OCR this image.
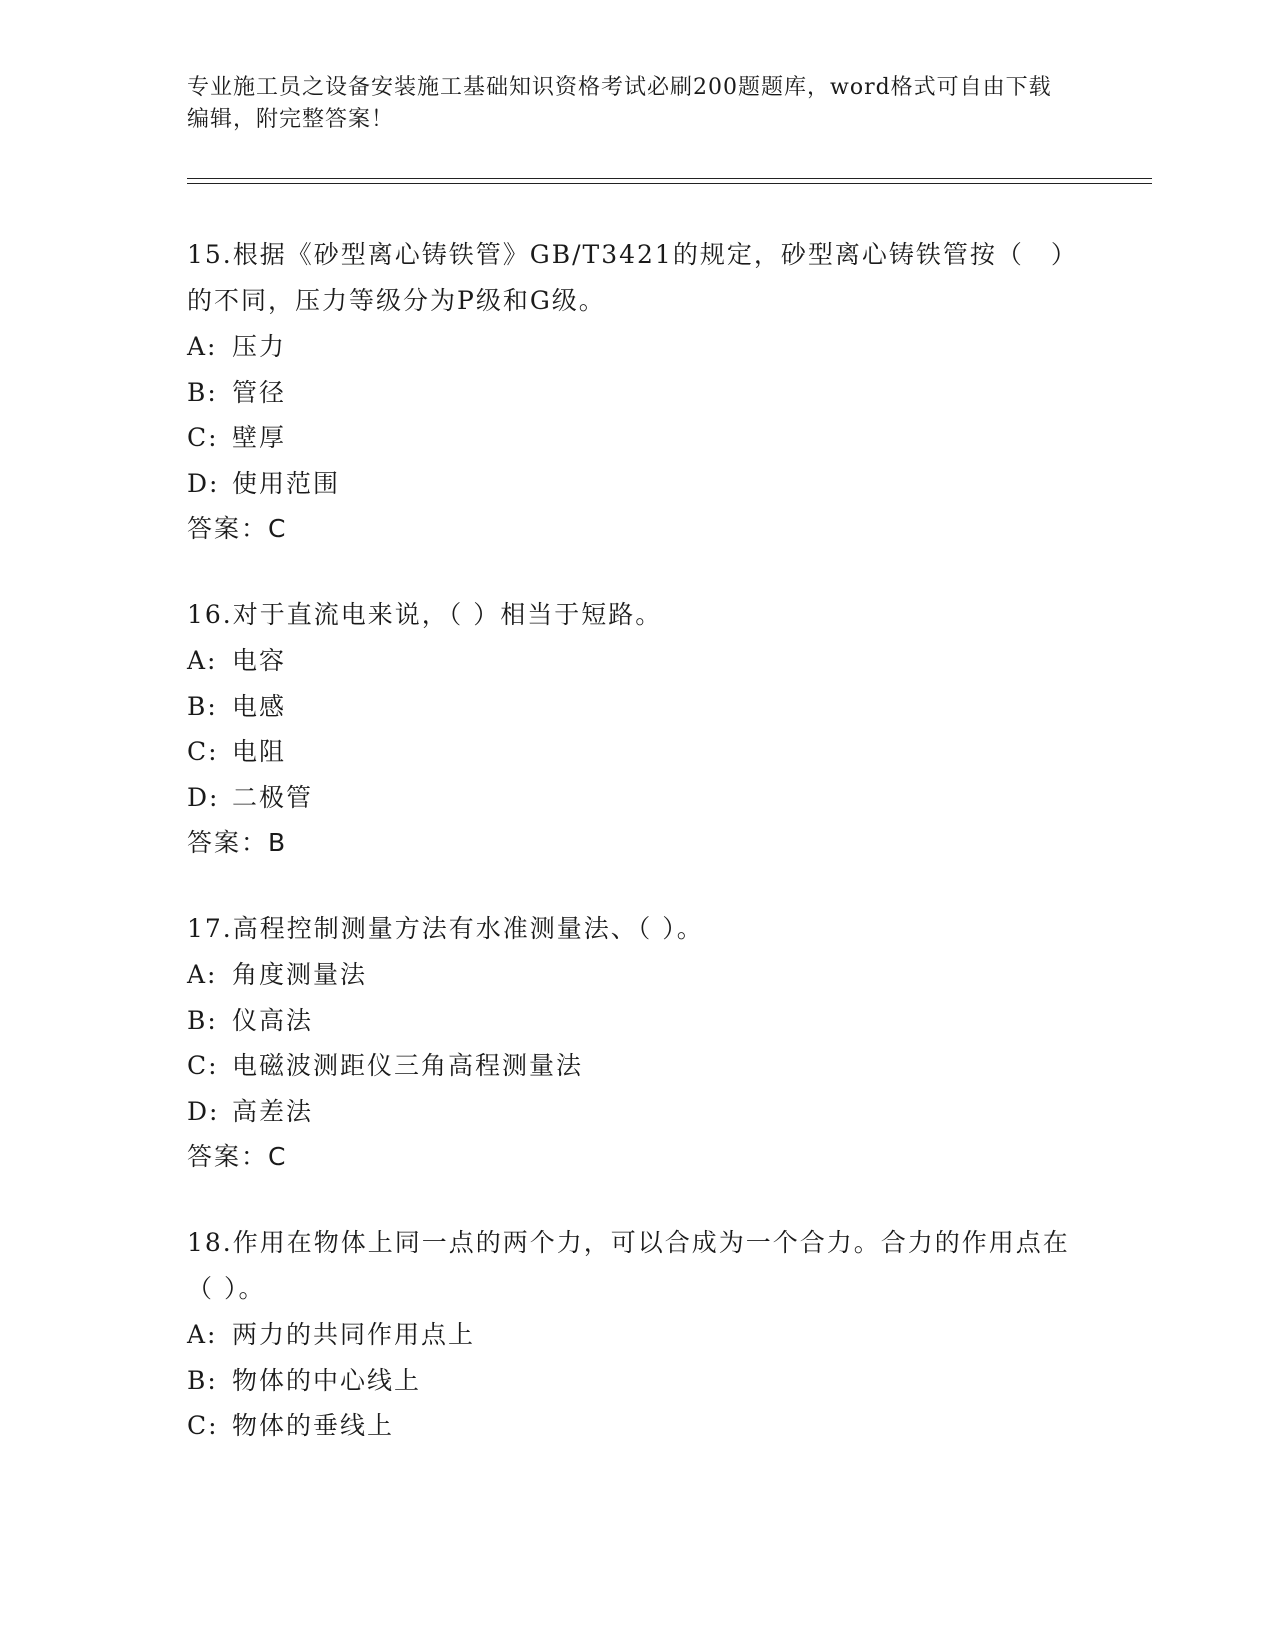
专业施工员之设备安装施工基础知识资格考试必刷200题题库，word格式可自由下载编辑，附完整答案！
15.根据《砂型离心铸铁管》GB/T3421的规定，砂型离心铸铁管按（　）的不同，压力等级分为P级和G级。
A: 压力
B: 管径
C: 壁厚
D: 使用范围
答案：C
16.对于直流电来说，（ ）相当于短路。
A: 电容
B: 电感
C: 电阻
D: 二极管
答案：B
17.高程控制测量方法有水准测量法、（ ）。
A: 角度测量法
B: 仪高法
C: 电磁波测距仪三角高程测量法
D: 高差法
答案：C
18.作用在物体上同一点的两个力，可以合成为一个合力。合力的作用点在（ ）。
A: 两力的共同作用点上
B: 物体的中心线上
C: 物体的垂线上
